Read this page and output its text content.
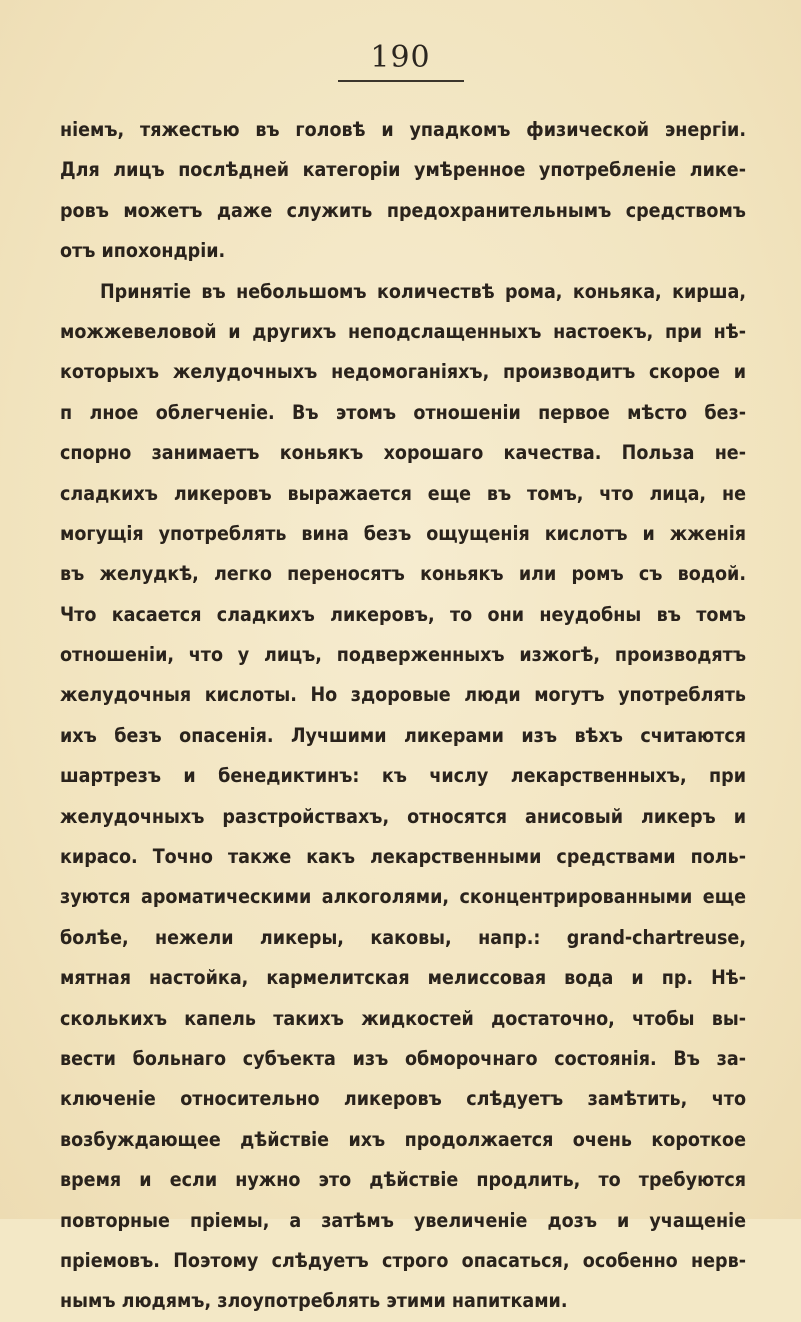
190
ніемъ, тяжестью въ головѣ и упадкомъ физической энергіи.
Для лицъ послѣдней категоріи умѣренное употребленіе лике-
ровъ можетъ даже служить предохранительнымъ средствомъ
отъ ипохондріи.
Принятіе въ небольшомъ количествѣ рома, коньяка, кирша,
можжевеловой и другихъ неподслащенныхъ настоекъ, при нѣ-
которыхъ желудочныхъ недомоганіяхъ, производитъ скорое и
п лное облегченіе. Въ этомъ отношеніи первое мѣсто без-
спорно занимаетъ коньякъ хорошаго качества. Польза не-
сладкихъ ликеровъ выражается еще въ томъ, что лица, не
могущія употреблять вина безъ ощущенія кислотъ и жженія
въ желудкѣ, легко переносятъ коньякъ или ромъ съ водой.
Что касается сладкихъ ликеровъ, то они неудобны въ томъ
отношеніи, что у лицъ, подверженныхъ изжогѣ, производятъ
желудочныя кислоты. Но здоровые люди могутъ употреблять
ихъ безъ опасенія. Лучшими ликерами изъ вѣхъ считаются
шартрезъ и бенедиктинъ: къ числу лекарственныхъ, при
желудочныхъ разстройствахъ, относятся анисовый ликеръ и
кирасо. Точно также какъ лекарственными средствами поль-
зуются ароматическими алкоголями, сконцентрированными еще
болѣе, нежели ликеры, каковы, напр.: grand-chartreuse,
мятная настойка, кармелитская мелиссовая вода и пр. Нѣ-
сколькихъ капель такихъ жидкостей достаточно, чтобы вы-
вести больнаго субъекта изъ обморочнаго состоянія. Въ за-
ключеніе относительно ликеровъ слѣдуетъ замѣтить, что
возбуждающее дѣйствіе ихъ продолжается очень короткое
время и если нужно это дѣйствіе продлить, то требуются
повторные пріемы, а затѣмъ увеличеніе дозъ и учащеніе
пріемовъ. Поэтому слѣдуетъ строго опасаться, особенно нерв-
нымъ людямъ, злоупотреблять этими напитками.
